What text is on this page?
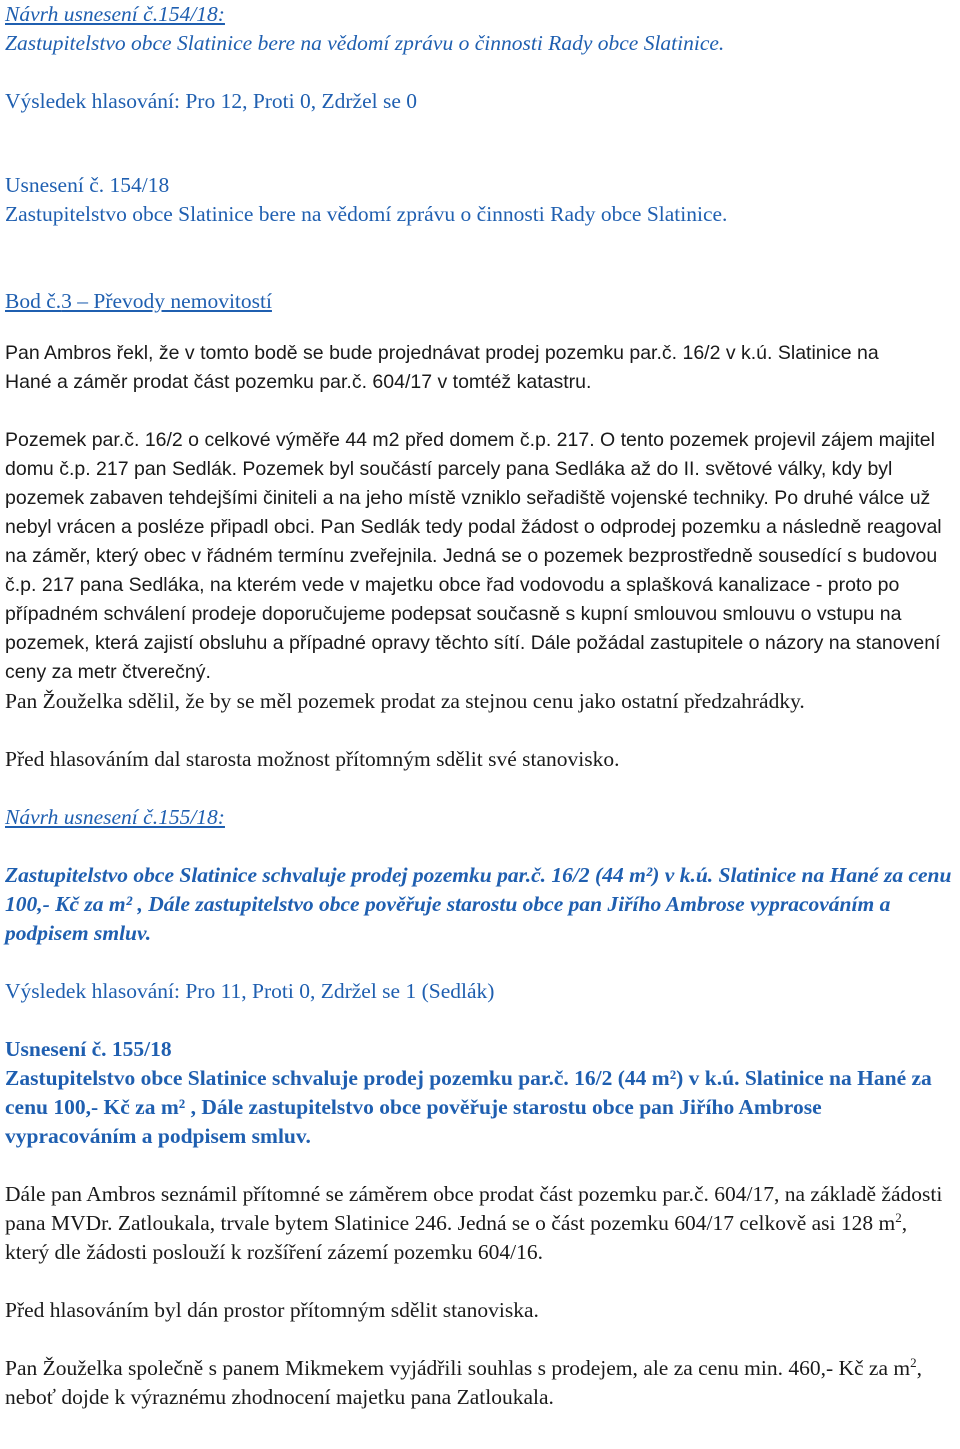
Návrh usnesení č.154/18:
Zastupitelstvo obce Slatinice bere na vědomí zprávu o činnosti Rady obce Slatinice.
Výsledek hlasování: Pro 12, Proti 0, Zdržel se 0
Usnesení č. 154/18
Zastupitelstvo obce Slatinice bere na vědomí zprávu o činnosti Rady obce Slatinice.
Bod č.3 – Převody nemovitostí
Pan Ambros řekl, že v tomto bodě se bude projednávat prodej pozemku par.č. 16/2 v k.ú. Slatinice na Hané a záměr prodat část pozemku par.č. 604/17 v tomtéž katastru.
Pozemek par.č. 16/2 o celkové výměře 44 m2 před domem č.p. 217. O tento pozemek projevil zájem majitel domu č.p. 217 pan Sedlák. Pozemek byl součástí parcely pana Sedláka až do II. světové války, kdy byl pozemek zabaven tehdejšími činiteli a na jeho místě vzniklo seřadiště vojenské techniky. Po druhé válce už nebyl vrácen a posléze připadl obci. Pan Sedlák tedy podal žádost o odprodej pozemku a následně reagoval na záměr, který obec v řádném termínu zveřejnila. Jedná se o pozemek bezprostředně sousedící s budovou č.p. 217 pana Sedláka, na kterém vede v majetku obce řad vodovodu a splašková kanalizace - proto po případném schválení prodeje doporučujeme podepsat současně s kupní smlouvou smlouvu o vstupu na pozemek, která zajistí obsluhu a případné opravy těchto sítí. Dále požádal zastupitele o názory na stanovení ceny za metr čtverečný.
Pan Žouželka sdělil, že by se měl pozemek prodat za stejnou cenu jako ostatní předzahrádky.
Před hlasováním dal starosta možnost přítomným sdělit své stanovisko.
Návrh usnesení č.155/18:
Zastupitelstvo obce Slatinice schvaluje prodej pozemku par.č. 16/2 (44 m²) v k.ú. Slatinice na Hané za cenu 100,- Kč za m² , Dále zastupitelstvo obce pověřuje starostu obce pan Jiřího Ambrose vypracováním a podpisem smluv.
Výsledek hlasování: Pro 11, Proti 0, Zdržel se 1 (Sedlák)
Usnesení č. 155/18
Zastupitelstvo obce Slatinice schvaluje prodej pozemku par.č. 16/2 (44 m²) v k.ú. Slatinice na Hané za cenu 100,- Kč za m² , Dále zastupitelstvo obce pověřuje starostu obce pan Jiřího Ambrose vypracováním a podpisem smluv.
Dále pan Ambros seznámil přítomné se záměrem obce prodat část pozemku par.č. 604/17, na základě žádosti pana MVDr. Zatloukala, trvale bytem Slatinice 246. Jedná se o část pozemku 604/17 celkově asi 128 $m^2$, který dle žádosti poslouží k rozšíření zázemí pozemku 604/16.
Před hlasováním byl dán prostor přítomným sdělit stanoviska.
Pan Žouželka společně s panem Mikmekem vyjádřili souhlas s prodejem, ale za cenu min. 460,- Kč za $m^2$, neboť dojde k výraznému zhodnocení majetku pana Zatloukala.
